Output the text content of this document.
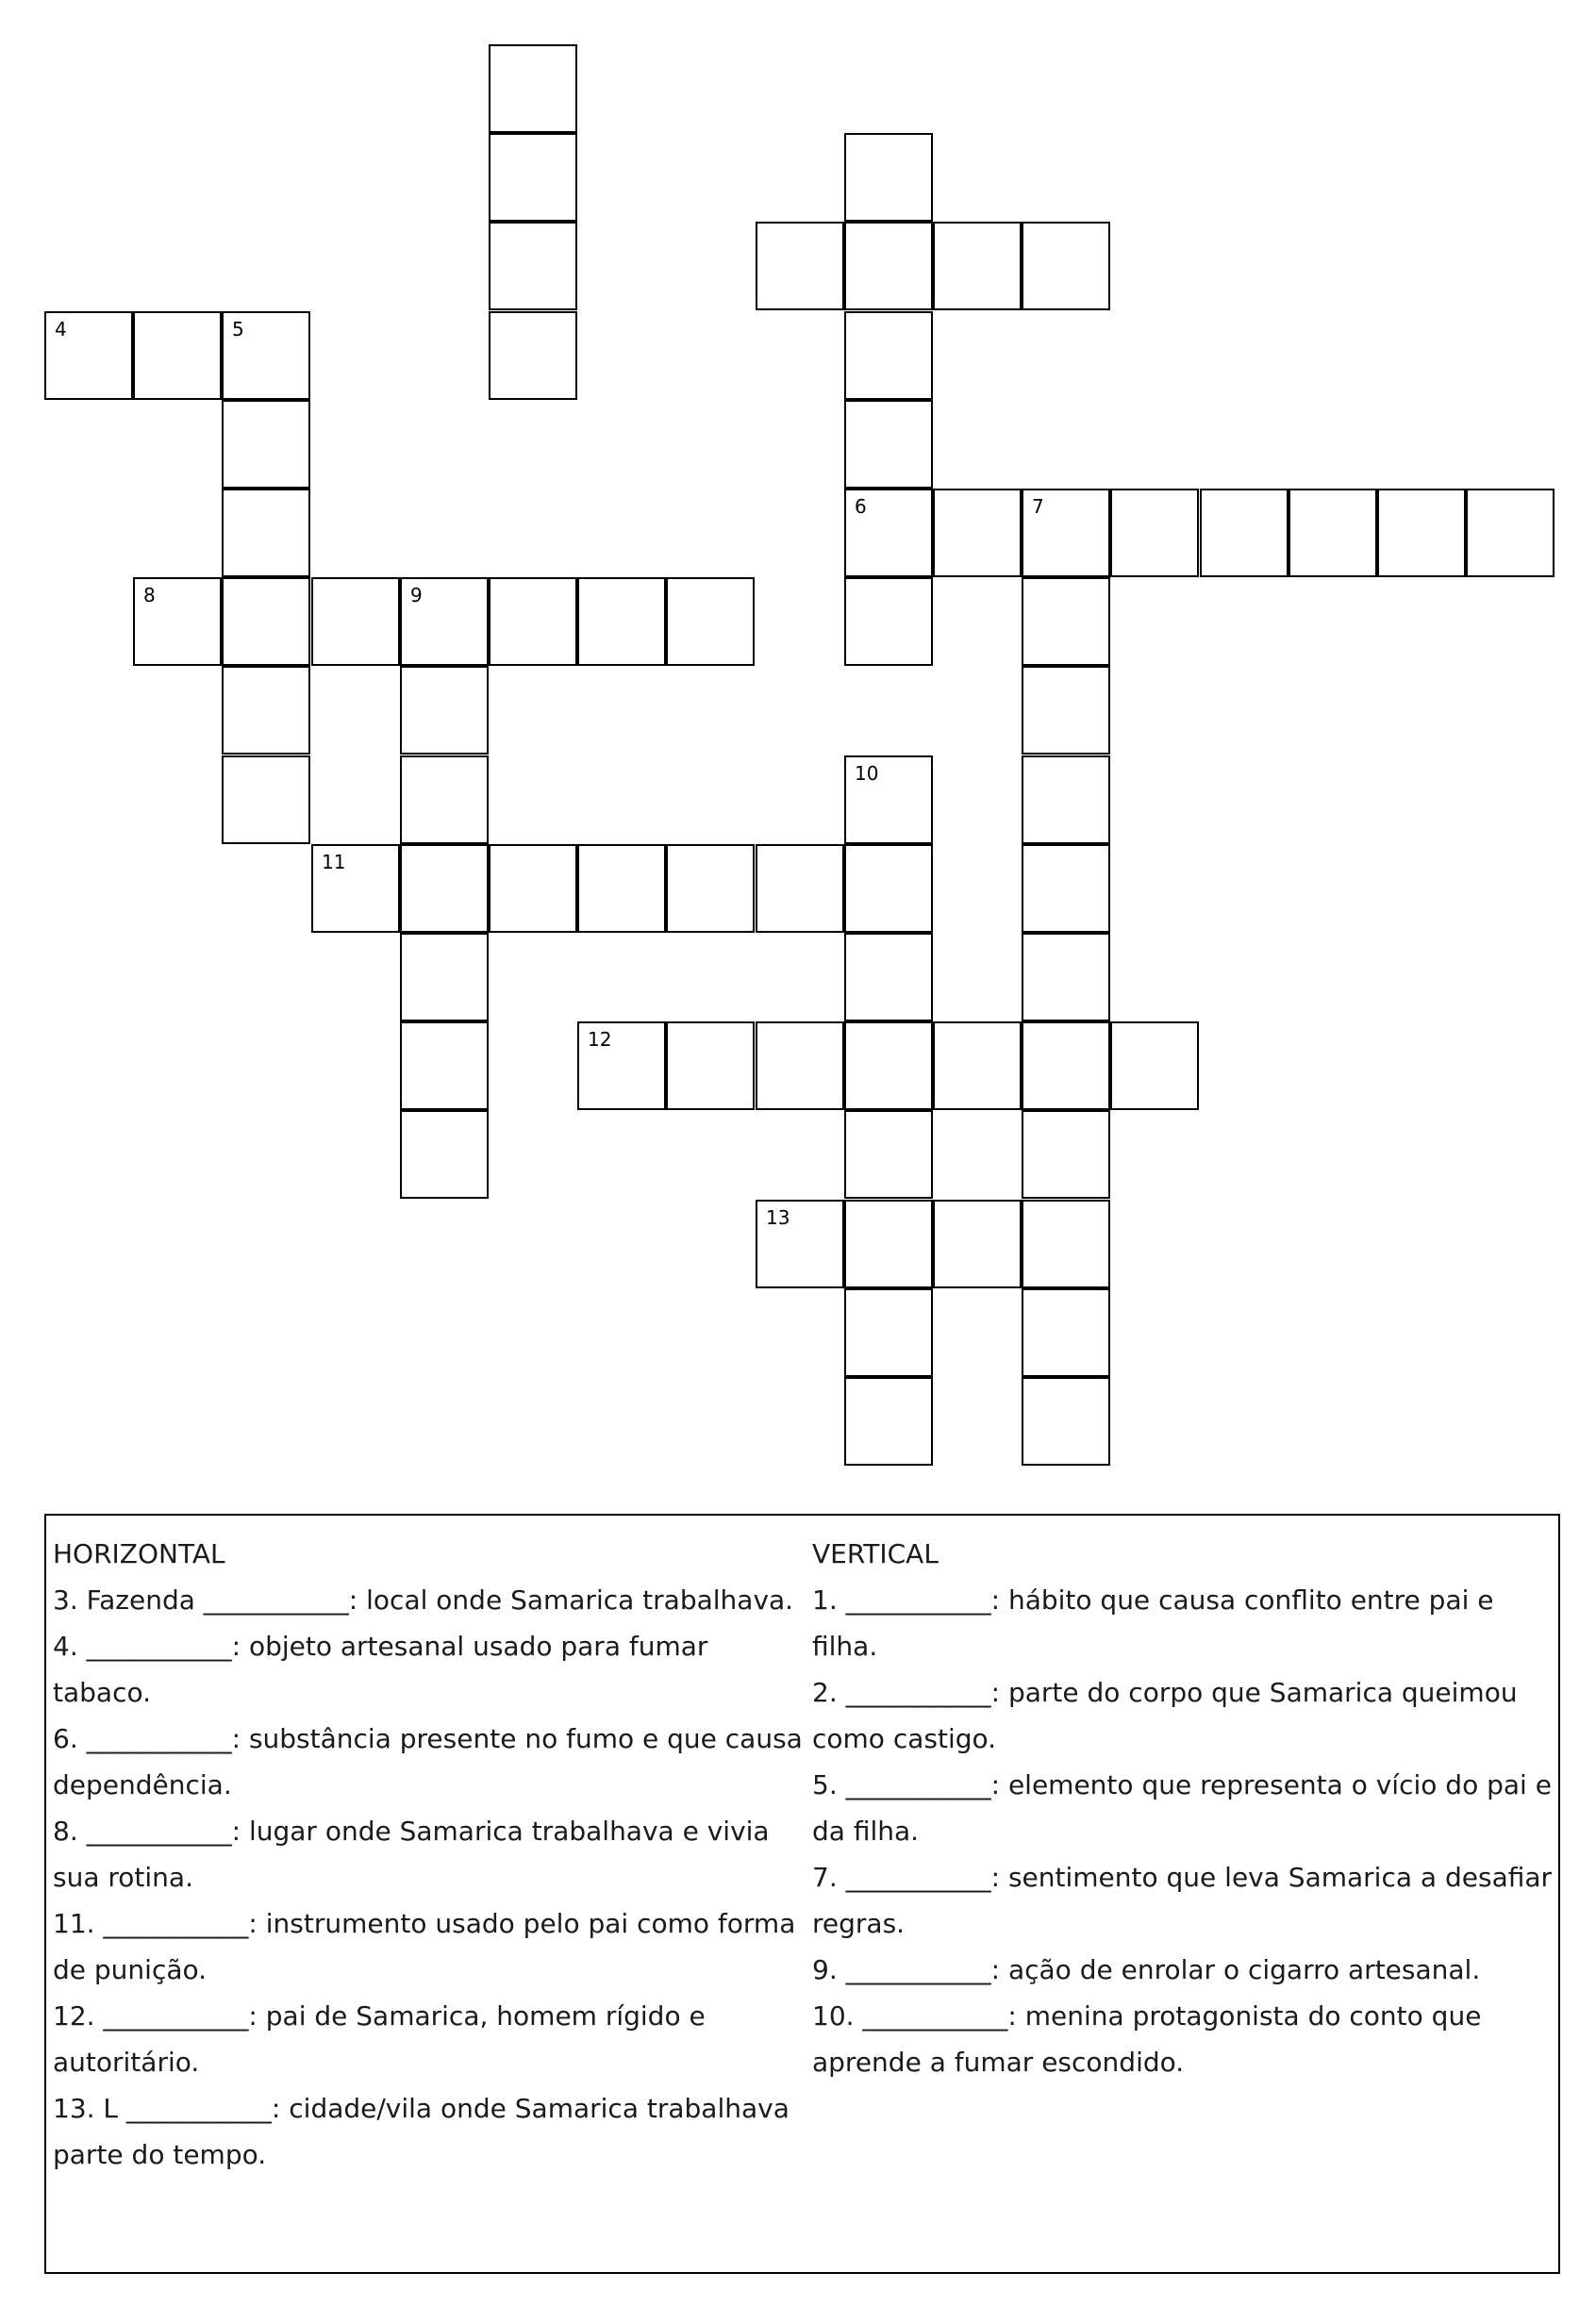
4	5
6	7
8	9
10
11
12
13

HORIZONTAL

3. Fazenda ___________: local onde Samarica trabalhava.

4. ___________: objeto artesanal usado para fumar tabaco.

6. ___________: substância presente no fumo e que causa dependência.

8. ___________: lugar onde Samarica trabalhava e vivia sua rotina.

11. ___________: instrumento usado pelo pai como forma de punição.

12. ___________: pai de Samarica, homem rígido e autoritário.

13. L ___________: cidade/vila onde Samarica trabalhava parte do tempo.

VERTICAL

1. ___________: hábito que causa conflito entre pai e filha.

2. ___________: parte do corpo que Samarica queimou como castigo.

5. ___________: elemento que representa o vício do pai e da filha.

7. ___________: sentimento que leva Samarica a desafiar regras.

9. ___________: ação de enrolar o cigarro artesanal.

10. ___________: menina protagonista do conto que aprende a fumar escondido.
